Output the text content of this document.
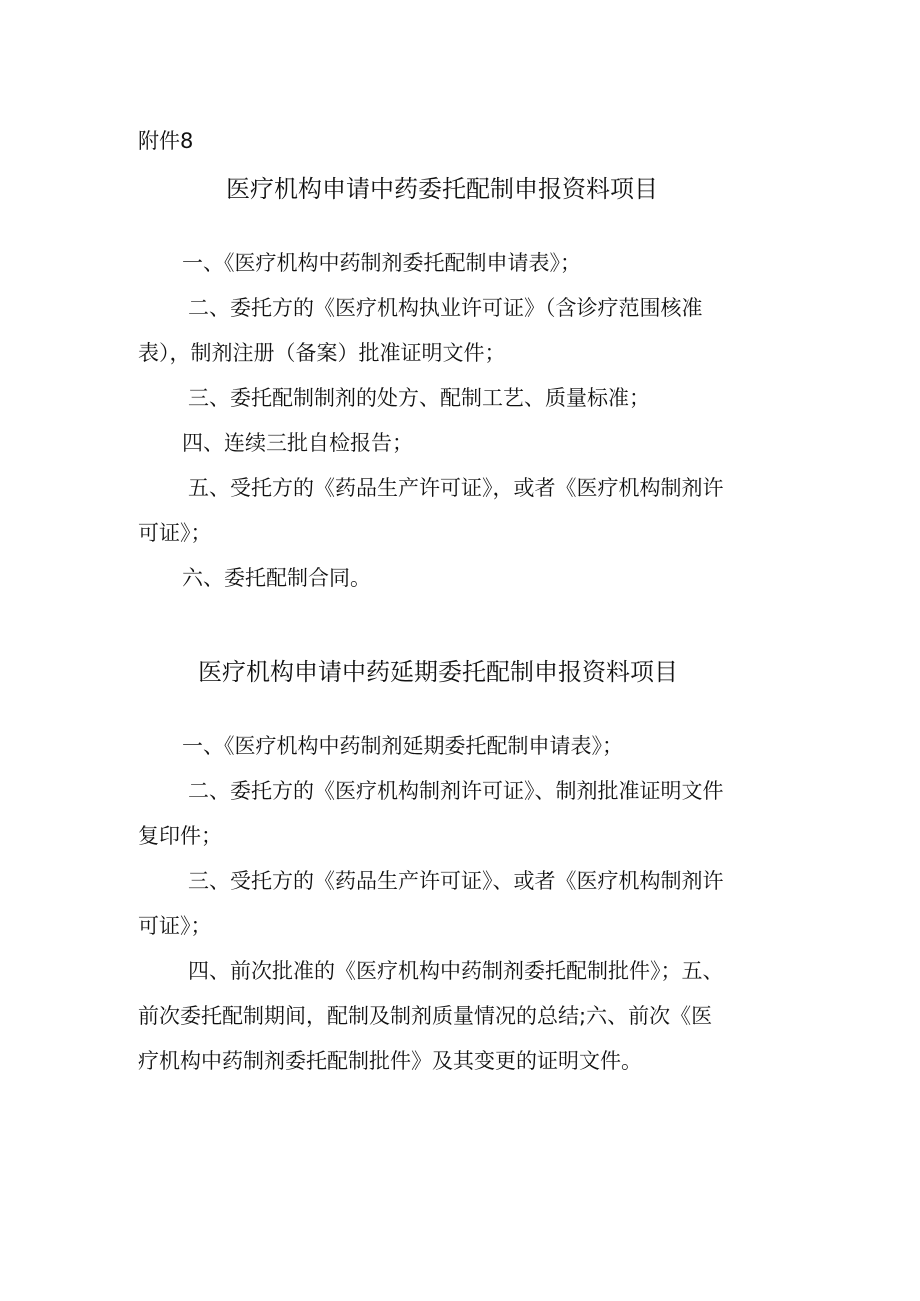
附件8
医疗机构申请中药委托配制申报资料项目
一、《医疗机构中药制剂委托配制申请表》；
二、委托方的《医疗机构执业许可证》（含诊疗范围核准
表），制剂注册（备案）批准证明文件；
三、委托配制制剂的处方、配制工艺、质量标准；
四、连续三批自检报告；
五、受托方的《药品生产许可证》，或者《医疗机构制剂许
可证》；
六、委托配制合同。
医疗机构申请中药延期委托配制申报资料项目
一、《医疗机构中药制剂延期委托配制申请表》；
二、委托方的《医疗机构制剂许可证》、制剂批准证明文件
复印件；
三、受托方的《药品生产许可证》、或者《医疗机构制剂许
可证》；
四、前次批准的《医疗机构中药制剂委托配制批件》；五、
前次委托配制期间，配制及制剂质量情况的总结;六、前次《医
疗机构中药制剂委托配制批件》及其变更的证明文件。
